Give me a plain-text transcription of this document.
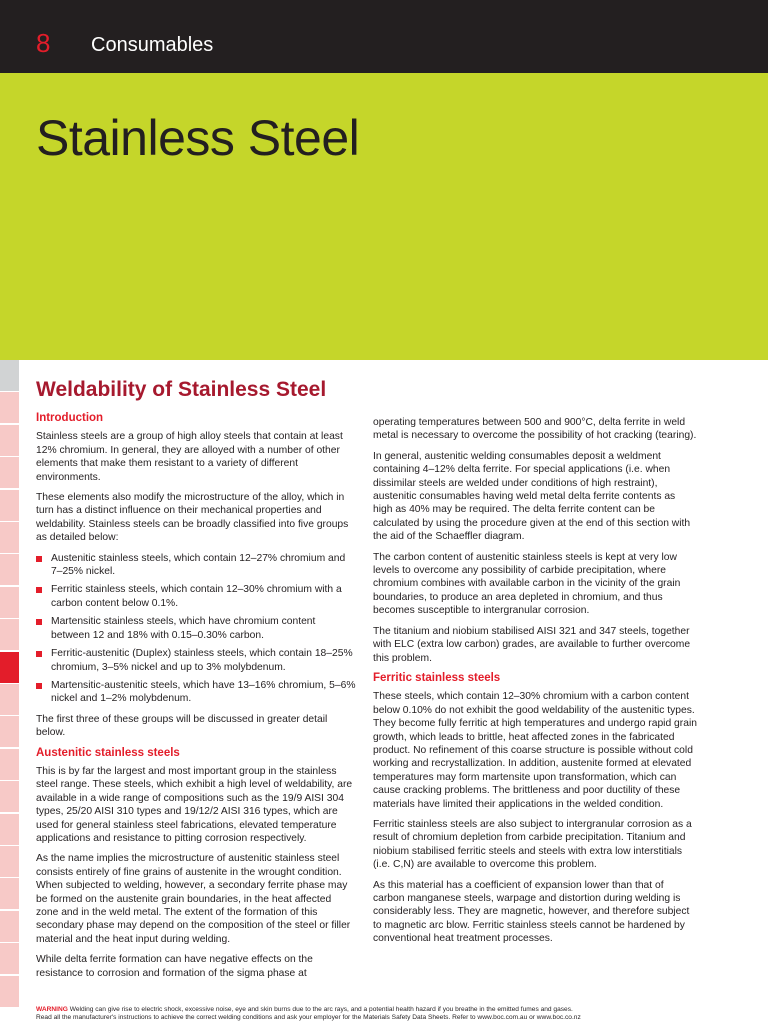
8 Consumables
Stainless Steel
Weldability of Stainless Steel
Introduction

Stainless steels are a group of high alloy steels that contain at least 12% chromium. In general, they are alloyed with a number of other elements that make them resistant to a variety of different environments.

These elements also modify the microstructure of the alloy, which in turn has a distinct influence on their mechanical properties and weldability. Stainless steels can be broadly classified into five groups as detailed below:

Austenitic stainless steels, which contain 12–27% chromium and 7–25% nickel.
Ferritic stainless steels, which contain 12–30% chromium with a carbon content below 0.1%.
Martensitic stainless steels, which have chromium content between 12 and 18% with 0.15–0.30% carbon.
Ferritic-austenitic (Duplex) stainless steels, which contain 18–25% chromium, 3–5% nickel and up to 3% molybdenum.
Martensitic-austenitic steels, which have 13–16% chromium, 5–6% nickel and 1–2% molybdenum.

The first three of these groups will be discussed in greater detail below.

Austenitic stainless steels

This is by far the largest and most important group in the stainless steel range. These steels, which exhibit a high level of weldability, are available in a wide range of compositions such as the 19/9 AISI 304 types, 25/20 AISI 310 types and 19/12/2 AISI 316 types, which are used for general stainless steel fabrications, elevated temperature applications and resistance to pitting corrosion respectively.

As the name implies the microstructure of austenitic stainless steel consists entirely of fine grains of austenite in the wrought condition. When subjected to welding, however, a secondary ferrite phase may be formed on the austenite grain boundaries, in the heat affected zone and in the weld metal. The extent of the formation of this secondary phase may depend on the composition of the steel or filler material and the heat input during welding.

While delta ferrite formation can have negative effects on the resistance to corrosion and formation of the sigma phase at

operating temperatures between 500 and 900°C, delta ferrite in weld metal is necessary to overcome the possibility of hot cracking (tearing).

In general, austenitic welding consumables deposit a weldment containing 4–12% delta ferrite. For special applications (i.e. when dissimilar steels are welded under conditions of high restraint), austenitic consumables having weld metal delta ferrite contents as high as 40% may be required. The delta ferrite content can be calculated by using the procedure given at the end of this section with the aid of the Schaeffler diagram.

The carbon content of austenitic stainless steels is kept at very low levels to overcome any possibility of carbide precipitation, where chromium combines with available carbon in the vicinity of the grain boundaries, to produce an area depleted in chromium, and thus becomes susceptible to intergranular corrosion.

The titanium and niobium stabilised AISI 321 and 347 steels, together with ELC (extra low carbon) grades, are available to further overcome this problem.

Ferritic stainless steels

These steels, which contain 12–30% chromium with a carbon content below 0.10% do not exhibit the good weldability of the austenitic types. They become fully ferritic at high temperatures and undergo rapid grain growth, which leads to brittle, heat affected zones in the fabricated product. No refinement of this coarse structure is possible without cold working and recrystallization. In addition, austenite formed at elevated temperatures may form martensite upon transformation, which can cause cracking problems. The brittleness and poor ductility of these materials have limited their applications in the welded condition.

Ferritic stainless steels are also subject to intergranular corrosion as a result of chromium depletion from carbide precipitation. Titanium and niobium stabilised ferritic steels and steels with extra low interstitials (i.e. C,N) are available to overcome this problem.

As this material has a coefficient of expansion lower than that of carbon manganese steels, warpage and distortion during welding is considerably less. They are magnetic, however, and therefore subject to magnetic arc blow. Ferritic stainless steels cannot be hardened by conventional heat treatment processes.

WARNING Welding can give rise to electric shock, excessive noise, eye and skin burns due to the arc rays, and a potential health hazard if you breathe in the emitted fumes and gases.
Read all the manufacturer's instructions to achieve the correct welding conditions and ask your employer for the Materials Safety Data Sheets. Refer to www.boc.com.au or www.boc.co.nz
